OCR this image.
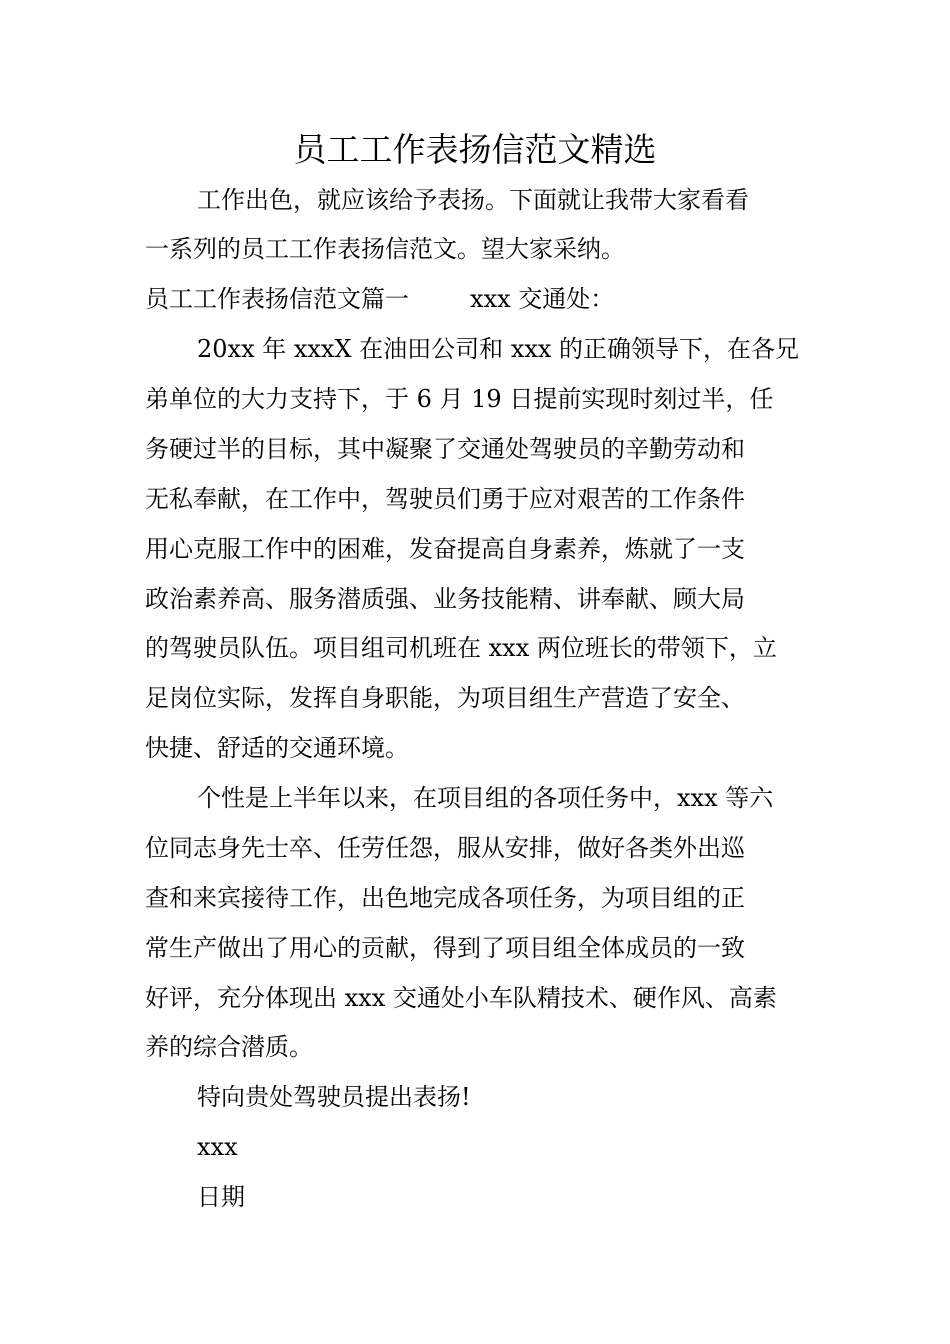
员工工作表扬信范文精选

工作出色，就应该给予表扬。下面就让我带大家看看

一系列的员工工作表扬信范文。望大家采纳。

员工工作表扬信范文篇一        xxx 交通处：

20xx 年 xxxX 在油田公司和 xxx 的正确领导下，在各兄

弟单位的大力支持下，于 6 月 19 日提前实现时刻过半，任

务硬过半的目标，其中凝聚了交通处驾驶员的辛勤劳动和

无私奉献，在工作中，驾驶员们勇于应对艰苦的工作条件

用心克服工作中的困难，发奋提高自身素养，炼就了一支

政治素养高、服务潜质强、业务技能精、讲奉献、顾大局

的驾驶员队伍。项目组司机班在 xxx 两位班长的带领下，立

足岗位实际，发挥自身职能，为项目组生产营造了安全、

快捷、舒适的交通环境。

个性是上半年以来，在项目组的各项任务中，xxx 等六

位同志身先士卒、任劳任怨，服从安排，做好各类外出巡

查和来宾接待工作，出色地完成各项任务，为项目组的正

常生产做出了用心的贡献，得到了项目组全体成员的一致

好评，充分体现出 xxx 交通处小车队精技术、硬作风、高素

养的综合潜质。

特向贵处驾驶员提出表扬!

xxx

日期
